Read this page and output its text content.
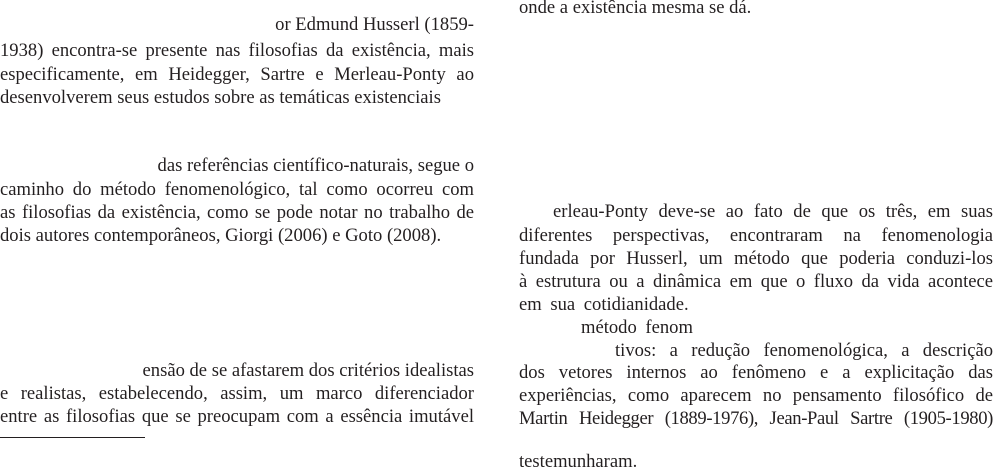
or Edmund Husserl (1859-
1938) encontra-se presente nas filosofias da existência, mais
especificamente, em Heidegger, Sartre e Merleau-Ponty ao
desenvolverem seus estudos sobre as temáticas existenciais
das referências científico-naturais, segue o
caminho do método fenomenológico, tal como ocorreu com
as filosofias da existência, como se pode notar no trabalho de
dois autores contemporâneos, Giorgi (2006) e Goto (2008).
ensão de se afastarem dos critérios idealistas
e realistas, estabelecendo, assim, um marco diferenciador
entre as filosofias que se preocupam com a essência imutável
onde a existência mesma se dá.
erleau-Ponty deve-se ao fato de que os três, em suas
diferentes perspectivas, encontraram na fenomenologia
fundada por Husserl, um método que poderia conduzi-los
à estrutura ou a dinâmica em que o fluxo da vida acontece
em sua cotidianidade.
método fenom
tivos: a redução fenomenológica, a descrição
dos vetores internos ao fenômeno e a explicitação das
experiências, como aparecem no pensamento filosófico de
Martin Heidegger (1889-1976), Jean-Paul Sartre (1905-1980)
testemunharam.
